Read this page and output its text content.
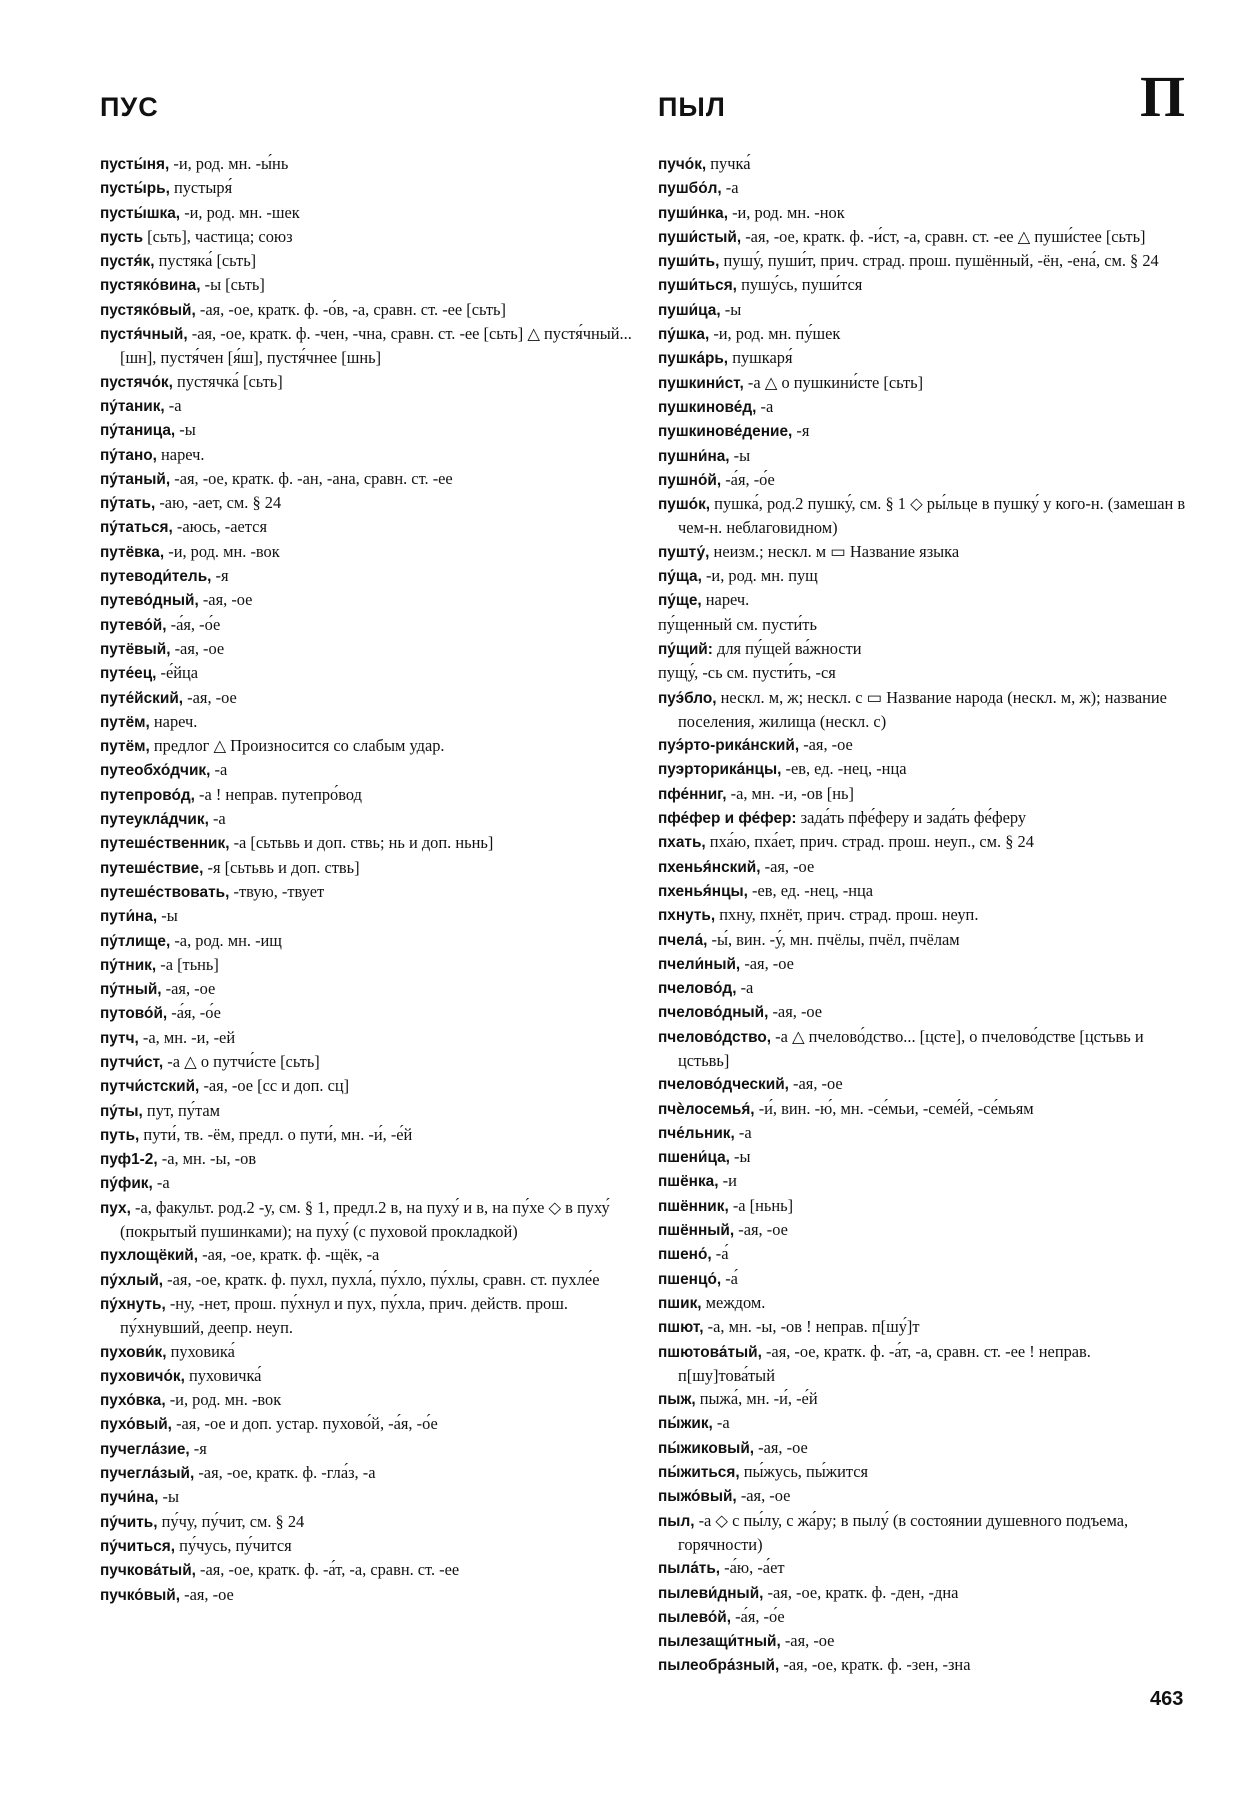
ПУС	ПЫЛ	П
пусты́ня, -и, род. мн. -ы́нь
пусты́рь, пустыря́
пусты́шка, -и, род. мн. -шек
пусть [сьть], частица; союз
пустя́к, пустяка́ [сьть]
пустяко́вина, -ы [сьть]
пустяко́вый, -ая, -ое, кратк. ф. -о́в, -а, сравн. ст. -ее [сьть]
пустя́чный, -ая, -ое, кратк. ф. -чен, -чна, сравн. ст. -ее [сьть] △ пустя́чный... [шн], пустя́чен [я́ш], пустя́чнее [шнь]
пустячо́к, пустячка́ [сьть]
пу́таник, -а
пу́таница, -ы
пу́тано, нареч.
пу́таный, -ая, -ое, кратк. ф. -ан, -ана, сравн. ст. -ее
пу́тать, -аю, -ает, см. § 24
пу́таться, -аюсь, -ается
путёвка, -и, род. мн. -вок
путеводи́тель, -я
путево́дный, -ая, -ое
путево́й, -а́я, -о́е
путёвый, -ая, -ое
путе́ец, -е́йца
путе́йский, -ая, -ое
путём, нареч.
путём, предлог △ Произносится со слабым удар.
путеобхо́дчик, -а
путепрово́д, -а ! неправ. путепро́вод
путеукла́дчик, -а
путеше́ственник, -а [сьтьвь и доп. ствь; нь и доп. ньнь]
путеше́ствие, -я [сьтьвь и доп. ствь]
путеше́ствовать, -твую, -твует
пути́на, -ы
пу́тлище, -а, род. мн. -ищ
пу́тник, -а [тьнь]
пу́тный, -ая, -ое
путово́й, -а́я, -о́е
путч, -а, мн. -и, -ей
путчи́ст, -а △ о путчи́сте [сьть]
путчи́стский, -ая, -ое [сс и доп. сц]
пу́ты, пут, пу́там
путь, пути́, тв. -ём, предл. о пути́, мн. -и́, -е́й
пуф1-2, -а, мн. -ы, -ов
пу́фик, -а
пух, -а, факульт. род.2 -у, см. § 1, предл.2 в, на пуху́ и в, на пу́хе ◇ в пуху́ (покрытый пушинками); на пуху́ (с пуховой прокладкой)
пухлощёкий, -ая, -ое, кратк. ф. -щёк, -а
пу́хлый, -ая, -ое, кратк. ф. пухл, пухла́, пу́хло, пу́хлы, сравн. ст. пухле́е
пу́хнуть, -ну, -нет, прош. пу́хнул и пух, пу́хла, прич. действ. прош. пу́хнувший, деепр. неуп.
пухови́к, пуховика́
пуховичо́к, пуховичка́
пухо́вка, -и, род. мн. -вок
пухо́вый, -ая, -ое и доп. устар. пухово́й, -а́я, -о́е
пучегла́зие, -я
пучегла́зый, -ая, -ое, кратк. ф. -гла́з, -а
пучи́на, -ы
пу́чить, пу́чу, пу́чит, см. § 24
пу́читься, пу́чусь, пу́чится
пучкова́тый, -ая, -ое, кратк. ф. -а́т, -а, сравн. ст. -ее
пучко́вый, -ая, -ое
пучо́к, пучка́
пушбо́л, -а
пуши́нка, -и, род. мн. -нок
пуши́стый, -ая, -ое, кратк. ф. -и́ст, -а, сравн. ст. -ее △ пуши́стее [сьть]
пуши́ть, пушу́, пуши́т, прич. страд. прош. пушённый, -ён, -ена́, см. § 24
пуши́ться, пушу́сь, пуши́тся
пуши́ца, -ы
пу́шка, -и, род. мн. пу́шек
пушка́рь, пушкаря́
пушкини́ст, -а △ о пушкини́сте [сьть]
пушкинове́д, -а
пушкинове́дение, -я
пушни́на, -ы
пушно́й, -а́я, -о́е
пушо́к, пушка́, род.2 пушку́, см. § 1 ◇ ры́льце в пушку́ у кого-н. (замешан в чем-н. неблаговидном)
пушту́, неизм.; нескл. м ▭ Название языка
пу́ща, -и, род. мн. пущ
пу́ще, нареч.
пу́щенный см. пусти́ть
пу́щий: для пу́щей ва́жности
пущу́, -сь см. пусти́ть, -ся
пуэ́бло, нескл. м, ж; нескл. с ▭ Название народа (нескл. м, ж); название поселения, жилища (нескл. с)
пуэ́рто-рика́нский, -ая, -ое
пуэрторика́нцы, -ев, ед. -нец, -нца
пфе́нниг, -а, мн. -и, -ов [нь]
пфе́фер и фе́фер: зада́ть пфе́феру и зада́ть фе́феру
пхать, пха́ю, пха́ет, прич. страд. прош. неуп., см. § 24
пхенья́нский, -ая, -ое
пхенья́нцы, -ев, ед. -нец, -нца
пхнуть, пхну, пхнёт, прич. страд. прош. неуп.
пчела́, -ы́, вин. -у́, мн. пчёлы, пчёл, пчёлам
пчели́ный, -ая, -ое
пчелово́д, -а
пчелово́дный, -ая, -ое
пчелово́дство, -а △ пчелово́дство... [цсте], о пчелово́дстве [цстьвь и цстьвь]
пчелово́дческий, -ая, -ое
пчѐлосемья́, -и́, вин. -ю́, мн. -се́мьи, -семе́й, -се́мьям
пче́льник, -а
пшени́ца, -ы
пшёнка, -и
пшённик, -а [ньнь]
пшённый, -ая, -ое
пшено́, -а́
пшенцо́, -а́
пшик, междом.
пшют, -а, мн. -ы, -ов ! неправ. п[шу́]т
пшютова́тый, -ая, -ое, кратк. ф. -а́т, -а, сравн. ст. -ее ! неправ. п[шу]това́тый
пыж, пыжа́, мн. -и́, -е́й
пы́жик, -а
пы́жиковый, -ая, -ое
пы́житься, пы́жусь, пы́жится
пыжо́вый, -ая, -ое
пыл, -а ◇ с пы́лу, с жа́ру; в пылу́ (в состоянии душевного подъема, горячности)
пыла́ть, -а́ю, -а́ет
пылеви́дный, -ая, -ое, кратк. ф. -ден, -дна
пылево́й, -а́я, -о́е
пылезащи́тный, -ая, -ое
пылеобра́зный, -ая, -ое, кратк. ф. -зен, -зна
463
